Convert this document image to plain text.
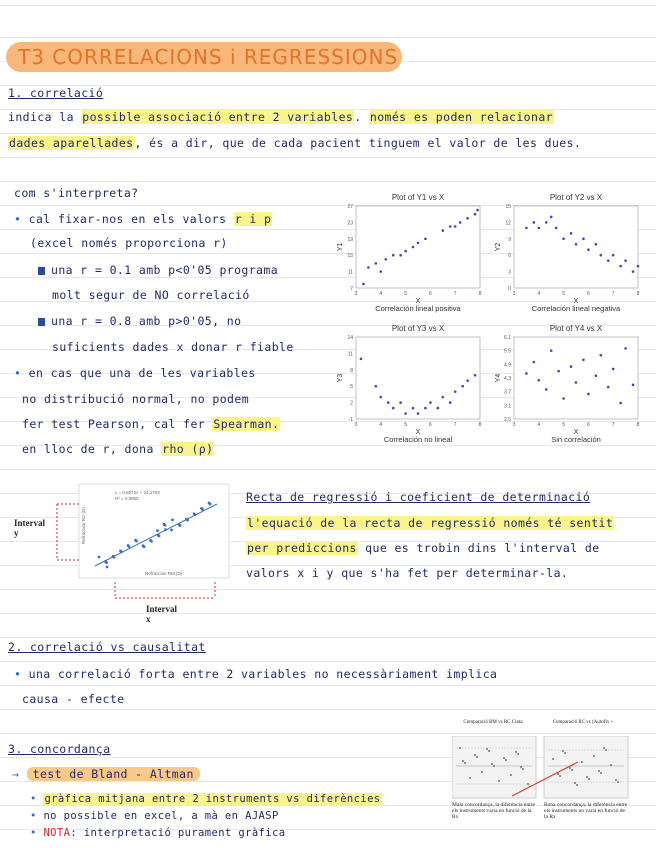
T3 CORRELACIONS i REGRESSIONS
1. correlació
indica la possible associació entre 2 variables. només es poden relacionar
dades aparellades, és a dir, que de cada pacient tinguem el valor de les dues.
com s'interpreta?
• cal fixar-nos en els valors r i p
(excel només proporciona r)
una r = 0.1 amb p<0'05 programa
molt segur de NO correlació
una r = 0.8 amb p>0'05, no
suficients dades x donar r fiable
• en cas que una de les variables
no distribució normal, no podem
fer test Pearson, cal fer Spearman.
en lloc de r, dona rho (ρ)
Plot of Y1 vs X
27
23
19
15
11
7
3	4	5	6	7	8
Y1
X
Correlación lineal positiva
Plot of Y2 vs X
15
12
9
6
3
0
3	4	5	6	7	8
Y2
X
Correlación lineal negativa
Plot of Y3 vs X
14
11
8
5
2
-1
3	4	5	6	7	8
Y3
X
Correlación no lineal
Plot of Y4 vs X
6.1
5.5
4.9
4.3
3.7
3.1
2.5
3	4	5	6	7	8
Y4
X
Sin correlación
Interval y
y = 0,8572x + 24,1703
R² = 0,8950
Refracción RM (D)
Refracción RC (D)
Interval x
Recta de regressió i coeficient de determinació
l'equació de la recta de regressió només té sentit
per prediccions que es trobin dins l'interval de
valors x i y que s'ha fet per determinar-la.
2. correlació vs causalitat
• una correlació forta entre 2 variables no necessàriament implica
causa - efecte
3. concordança
→ test de Bland - Altman
• gràfica mitjana entre 2 instruments vs diferències
• no possible en excel, a mà en AJASP
• NOTA: interpretació purament gràfica
Comparació RM vs RC Cinta	Comparació RC vs (Autoflx +
Mala concordança, la diferència entre els instruments varia en funció de la Rx
Bona concordança, la diferència entre els instruments no varia en funció de la Rx
